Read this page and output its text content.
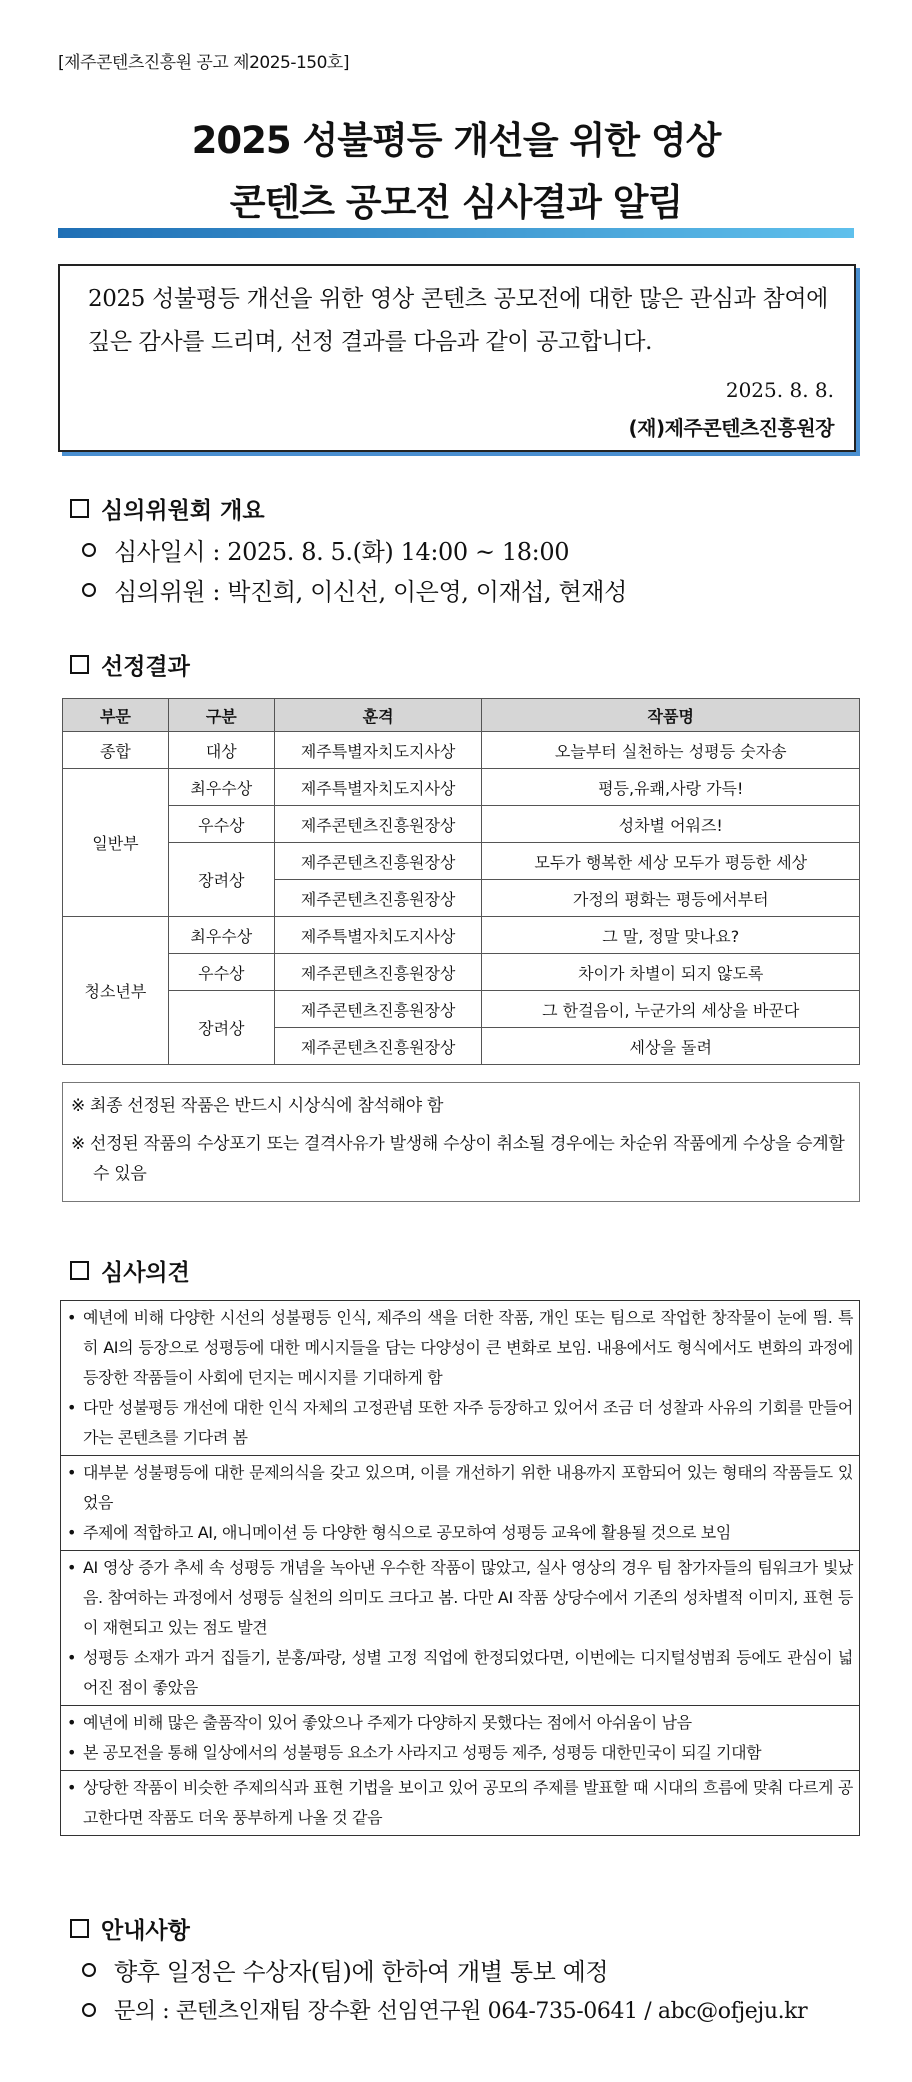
[제주콘텐츠진흥원 공고 제2025-150호]
2025 성불평등 개선을 위한 영상
콘텐츠 공모전 심사결과 알림
2025 성불평등 개선을 위한 영상 콘텐츠 공모전에 대한 많은 관심과 참여에 깊은 감사를 드리며, 선정 결과를 다음과 같이 공고합니다.
2025. 8. 8.
(재)제주콘텐츠진흥원장
심의위원회 개요
심사일시 : 2025. 8. 5.(화) 14:00 ~ 18:00
심의위원 : 박진희, 이신선, 이은영, 이재섭, 현재성
선정결과
부문	구분	훈격	작품명
종합	대상	제주특별자치도지사상	오늘부터 실천하는 성평등 숫자송
일반부	최우수상	제주특별자치도지사상	평등,유쾌,사랑 가득!
	우수상	제주콘텐츠진흥원장상	성차별 어워즈!
	장려상	제주콘텐츠진흥원장상	모두가 행복한 세상 모두가 평등한 세상
		제주콘텐츠진흥원장상	가정의 평화는 평등에서부터
청소년부	최우수상	제주특별자치도지사상	그 말, 정말 맞나요?
	우수상	제주콘텐츠진흥원장상	차이가 차별이 되지 않도록
	장려상	제주콘텐츠진흥원장상	그 한걸음이, 누군가의 세상을 바꾼다
		제주콘텐츠진흥원장상	세상을 돌려
※ 최종 선정된 작품은 반드시 시상식에 참석해야 함
※ 선정된 작품의 수상포기 또는 결격사유가 발생해 수상이 취소될 경우에는 차순위 작품에게 수상을 승계할 수 있음
심사의견
• 예년에 비해 다양한 시선의 성불평등 인식, 제주의 색을 더한 작품, 개인 또는 팀으로 작업한 창작물이 눈에 띔. 특히 AI의 등장으로 성평등에 대한 메시지들을 담는 다양성이 큰 변화로 보임. 내용에서도 형식에서도 변화의 과정에 등장한 작품들이 사회에 던지는 메시지를 기대하게 함
• 다만 성불평등 개선에 대한 인식 자체의 고정관념 또한 자주 등장하고 있어서 조금 더 성찰과 사유의 기회를 만들어가는 콘텐츠를 기다려 봄
• 대부분 성불평등에 대한 문제의식을 갖고 있으며, 이를 개선하기 위한 내용까지 포함되어 있는 형태의 작품들도 있었음
• 주제에 적합하고 AI, 애니메이션 등 다양한 형식으로 공모하여 성평등 교육에 활용될 것으로 보임
• AI 영상 증가 추세 속 성평등 개념을 녹아낸 우수한 작품이 많았고, 실사 영상의 경우 팀 참가자들의 팀워크가 빛났음. 참여하는 과정에서 성평등 실천의 의미도 크다고 봄. 다만 AI 작품 상당수에서 기존의 성차별적 이미지, 표현 등이 재현되고 있는 점도 발견
• 성평등 소재가 과거 집들기, 분홍/파랑, 성별 고정 직업에 한정되었다면, 이번에는 디지털성범죄 등에도 관심이 넓어진 점이 좋았음
• 예년에 비해 많은 출품작이 있어 좋았으나 주제가 다양하지 못했다는 점에서 아쉬움이 남음
• 본 공모전을 통해 일상에서의 성불평등 요소가 사라지고 성평등 제주, 성평등 대한민국이 되길 기대함
• 상당한 작품이 비슷한 주제의식과 표현 기법을 보이고 있어 공모의 주제를 발표할 때 시대의 흐름에 맞춰 다르게 공고한다면 작품도 더욱 풍부하게 나올 것 같음
안내사항
향후 일정은 수상자(팀)에 한하여 개별 통보 예정
문의 : 콘텐츠인재팀 장수환 선임연구원 064-735-0641 / abc@ofjeju.kr
